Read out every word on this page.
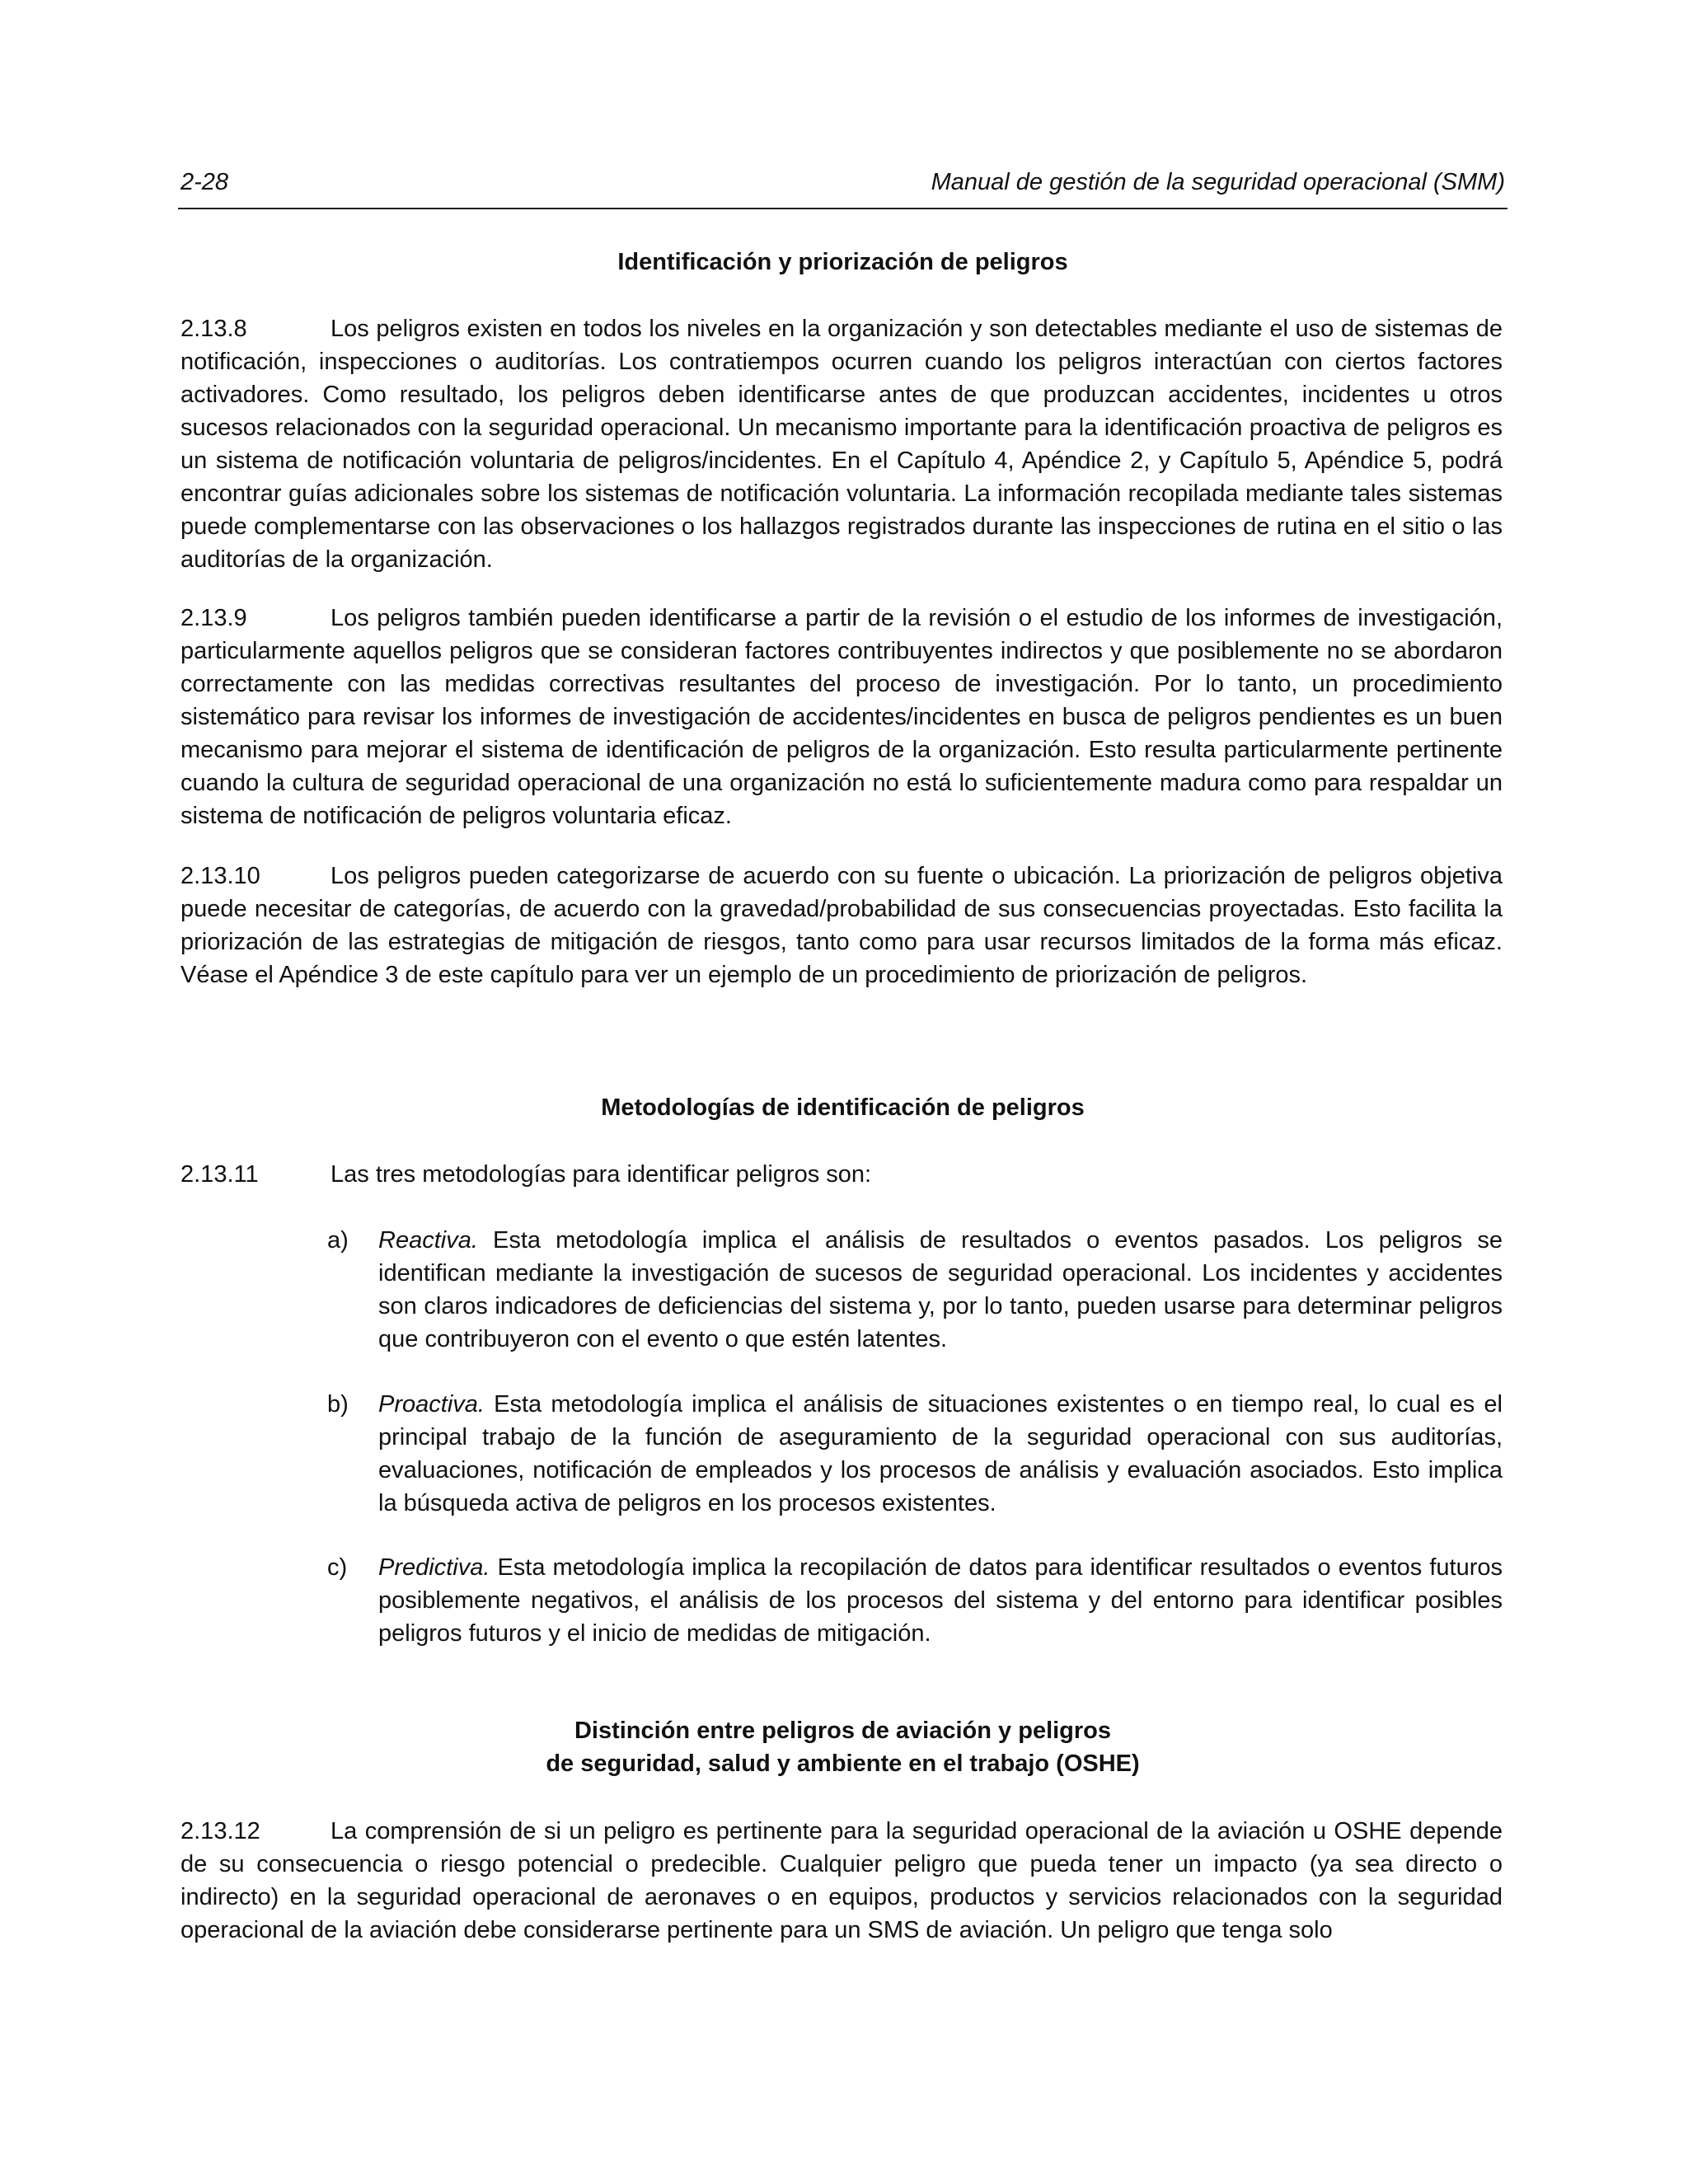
2-28	Manual de gestión de la seguridad operacional (SMM)
Identificación y priorización de peligros
2.13.8	Los peligros existen en todos los niveles en la organización y son detectables mediante el uso de sistemas de notificación, inspecciones o auditorías. Los contratiempos ocurren cuando los peligros interactúan con ciertos factores activadores. Como resultado, los peligros deben identificarse antes de que produzcan accidentes, incidentes u otros sucesos relacionados con la seguridad operacional. Un mecanismo importante para la identificación proactiva de peligros es un sistema de notificación voluntaria de peligros/incidentes. En el Capítulo 4, Apéndice 2, y Capítulo 5, Apéndice 5, podrá encontrar guías adicionales sobre los sistemas de notificación voluntaria. La información recopilada mediante tales sistemas puede complementarse con las observaciones o los hallazgos registrados durante las inspecciones de rutina en el sitio o las auditorías de la organización.
2.13.9	Los peligros también pueden identificarse a partir de la revisión o el estudio de los informes de investigación, particularmente aquellos peligros que se consideran factores contribuyentes indirectos y que posiblemente no se abordaron correctamente con las medidas correctivas resultantes del proceso de investigación. Por lo tanto, un procedimiento sistemático para revisar los informes de investigación de accidentes/incidentes en busca de peligros pendientes es un buen mecanismo para mejorar el sistema de identificación de peligros de la organización. Esto resulta particularmente pertinente cuando la cultura de seguridad operacional de una organización no está lo suficientemente madura como para respaldar un sistema de notificación de peligros voluntaria eficaz.
2.13.10	Los peligros pueden categorizarse de acuerdo con su fuente o ubicación. La priorización de peligros objetiva puede necesitar de categorías, de acuerdo con la gravedad/probabilidad de sus consecuencias proyectadas. Esto facilita la priorización de las estrategias de mitigación de riesgos, tanto como para usar recursos limitados de la forma más eficaz. Véase el Apéndice 3 de este capítulo para ver un ejemplo de un procedimiento de priorización de peligros.
Metodologías de identificación de peligros
2.13.11	Las tres metodologías para identificar peligros son:
a)	Reactiva. Esta metodología implica el análisis de resultados o eventos pasados. Los peligros se identifican mediante la investigación de sucesos de seguridad operacional. Los incidentes y accidentes son claros indicadores de deficiencias del sistema y, por lo tanto, pueden usarse para determinar peligros que contribuyeron con el evento o que estén latentes.
b)	Proactiva. Esta metodología implica el análisis de situaciones existentes o en tiempo real, lo cual es el principal trabajo de la función de aseguramiento de la seguridad operacional con sus auditorías, evaluaciones, notificación de empleados y los procesos de análisis y evaluación asociados. Esto implica la búsqueda activa de peligros en los procesos existentes.
c)	Predictiva. Esta metodología implica la recopilación de datos para identificar resultados o eventos futuros posiblemente negativos, el análisis de los procesos del sistema y del entorno para identificar posibles peligros futuros y el inicio de medidas de mitigación.
Distinción entre peligros de aviación y peligros
de seguridad, salud y ambiente en el trabajo (OSHE)
2.13.12	La comprensión de si un peligro es pertinente para la seguridad operacional de la aviación u OSHE depende de su consecuencia o riesgo potencial o predecible. Cualquier peligro que pueda tener un impacto (ya sea directo o indirecto) en la seguridad operacional de aeronaves o en equipos, productos y servicios relacionados con la seguridad operacional de la aviación debe considerarse pertinente para un SMS de aviación. Un peligro que tenga solo
